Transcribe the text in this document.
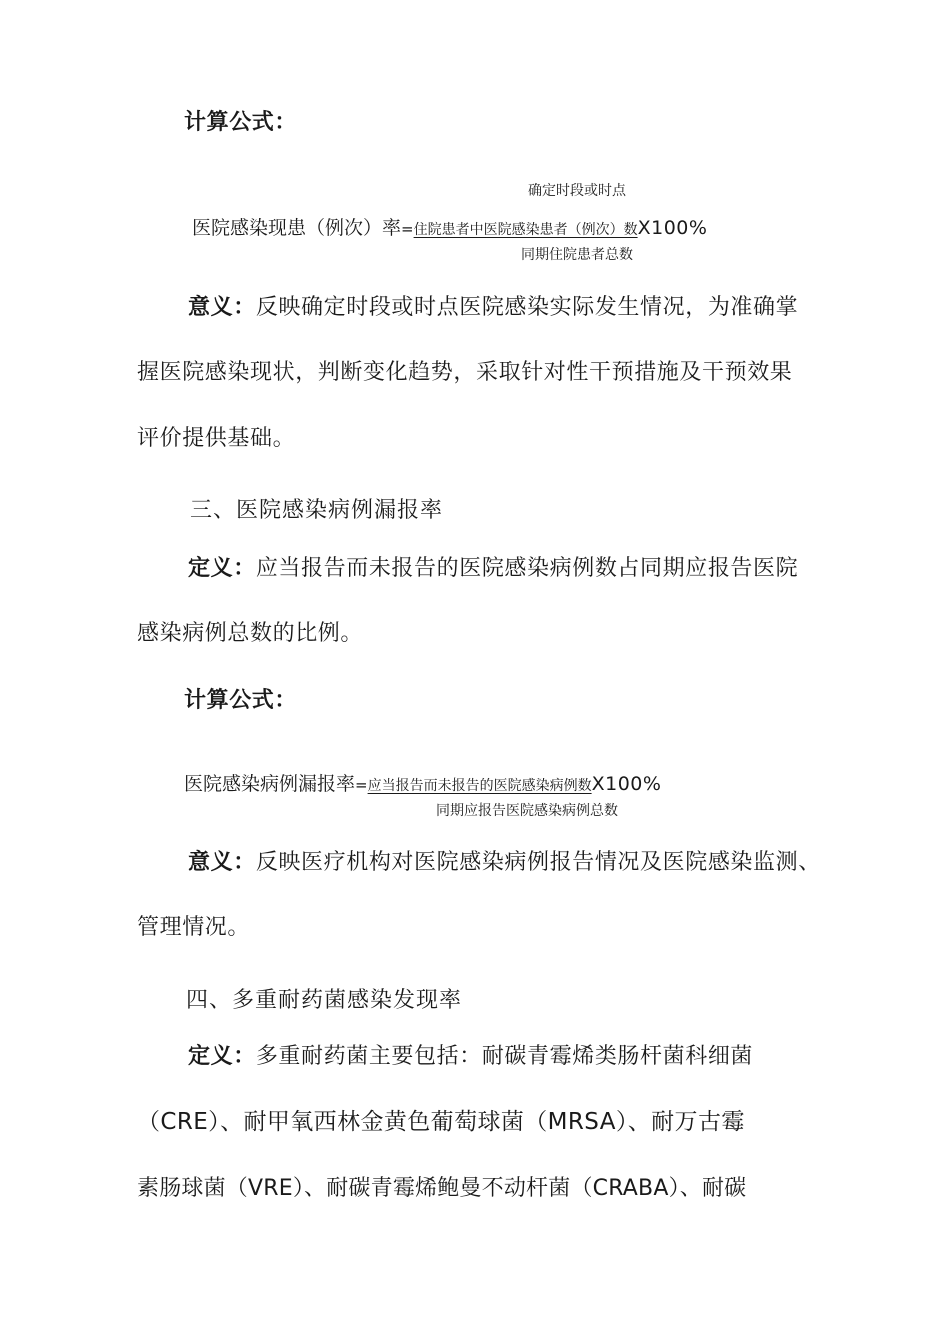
计算公式：
确定时段或时点
医院感染现患（例次）率=住院患者中医院感染患者（例次）数X100%
同期住院患者总数
意义：反映确定时段或时点医院感染实际发生情况，为准确掌
握医院感染现状，判断变化趋势，采取针对性干预措施及干预效果
评价提供基础。
三、医院感染病例漏报率
定义：应当报告而未报告的医院感染病例数占同期应报告医院
感染病例总数的比例。
计算公式：
医院感染病例漏报率=应当报告而未报告的医院感染病例数X100%
同期应报告医院感染病例总数
意义：反映医疗机构对医院感染病例报告情况及医院感染监测、
管理情况。
四、多重耐药菌感染发现率
定义：多重耐药菌主要包括：耐碳青霉烯类肠杆菌科细菌
（CRE）、耐甲氧西林金黄色葡萄球菌（MRSA）、耐万古霉
素肠球菌（VRE）、耐碳青霉烯鲍曼不动杆菌（CRABA）、耐碳
